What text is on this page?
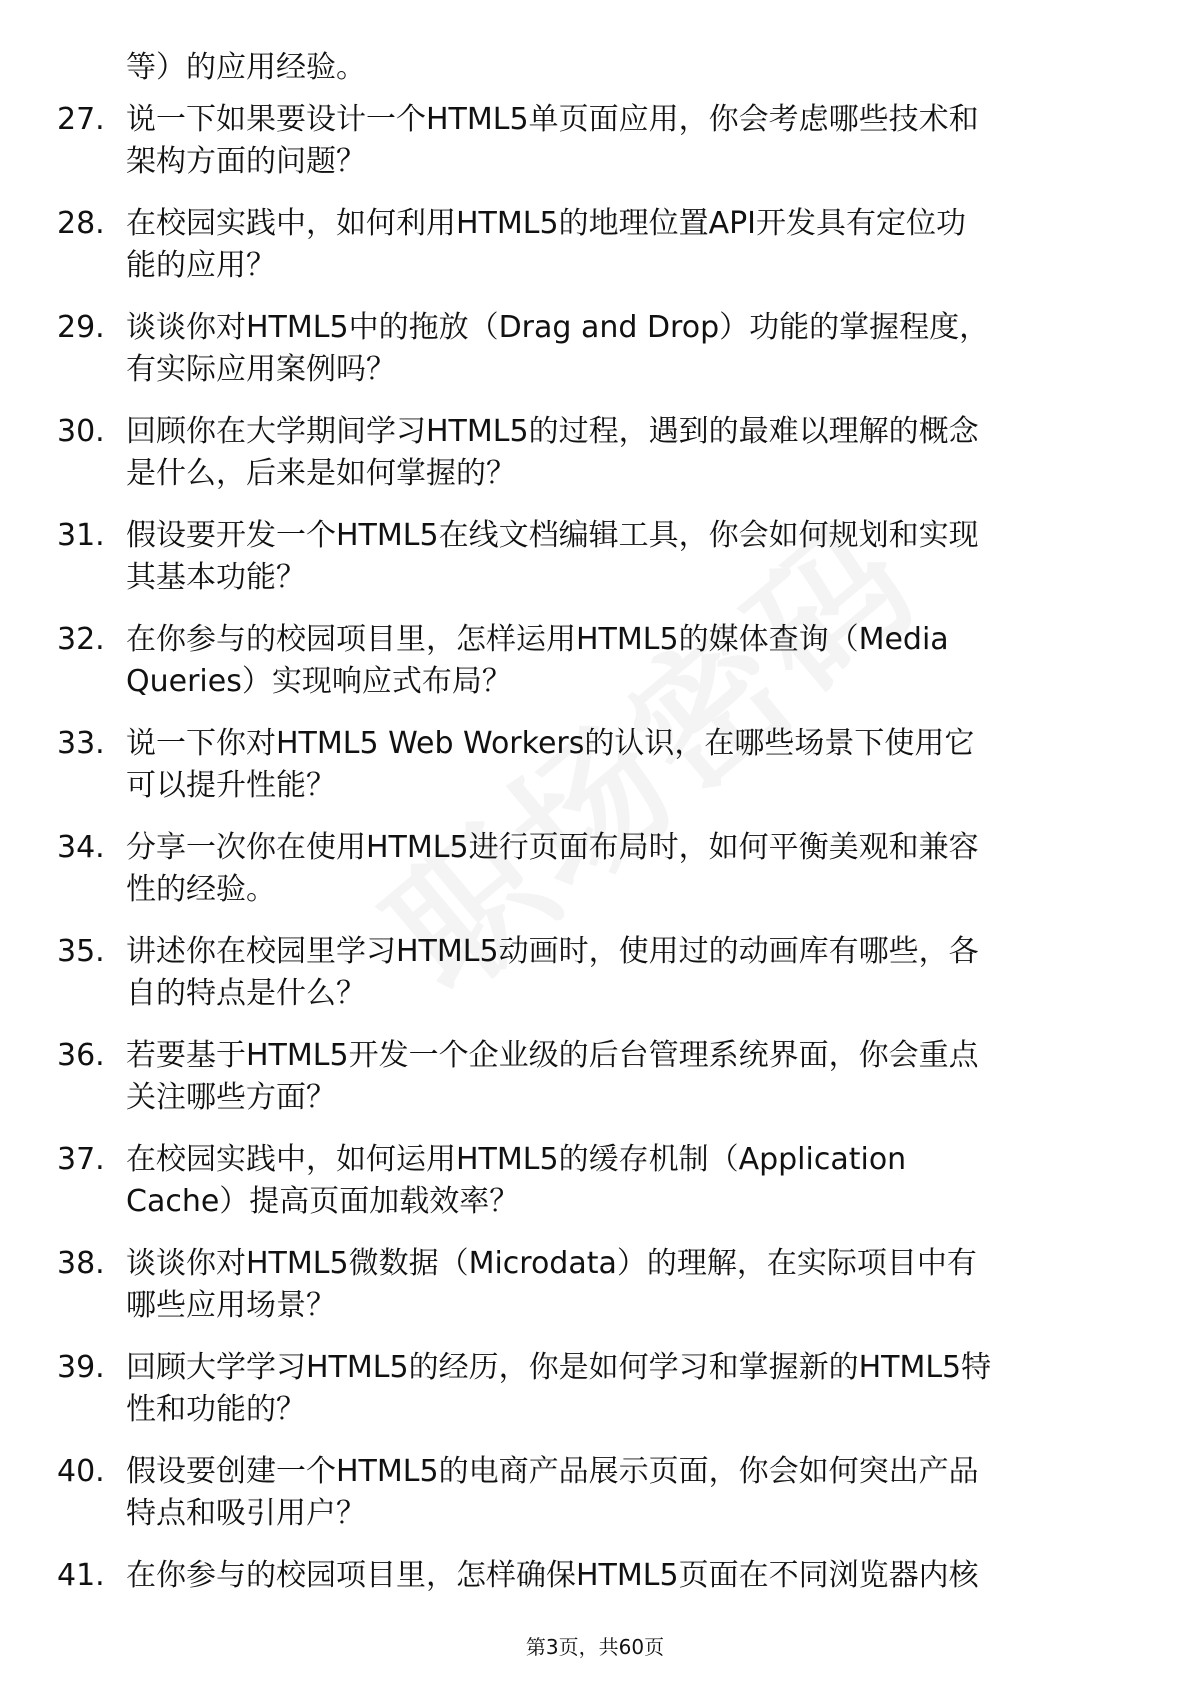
等）的应用经验。
27. 说一下如果要设计一个HTML5单页面应用，你会考虑哪些技术和
架构方面的问题？
28. 在校园实践中，如何利用HTML5的地理位置API开发具有定位功
能的应用？
29. 谈谈你对HTML5中的拖放（Drag and Drop）功能的掌握程度，
有实际应用案例吗？
30. 回顾你在大学期间学习HTML5的过程，遇到的最难以理解的概念
是什么，后来是如何掌握的？
31. 假设要开发一个HTML5在线文档编辑工具，你会如何规划和实现
其基本功能？
32. 在你参与的校园项目里，怎样运用HTML5的媒体查询（Media
Queries）实现响应式布局？
33. 说一下你对HTML5 Web Workers的认识，在哪些场景下使用它
可以提升性能？
34. 分享一次你在使用HTML5进行页面布局时，如何平衡美观和兼容
性的经验。
35. 讲述你在校园里学习HTML5动画时，使用过的动画库有哪些，各
自的特点是什么？
36. 若要基于HTML5开发一个企业级的后台管理系统界面，你会重点
关注哪些方面？
37. 在校园实践中，如何运用HTML5的缓存机制（Application
Cache）提高页面加载效率？
38. 谈谈你对HTML5微数据（Microdata）的理解，在实际项目中有
哪些应用场景？
39. 回顾大学学习HTML5的经历，你是如何学习和掌握新的HTML5特
性和功能的？
40. 假设要创建一个HTML5的电商产品展示页面，你会如何突出产品
特点和吸引用户？
41. 在你参与的校园项目里，怎样确保HTML5页面在不同浏览器内核
第3页，共60页
